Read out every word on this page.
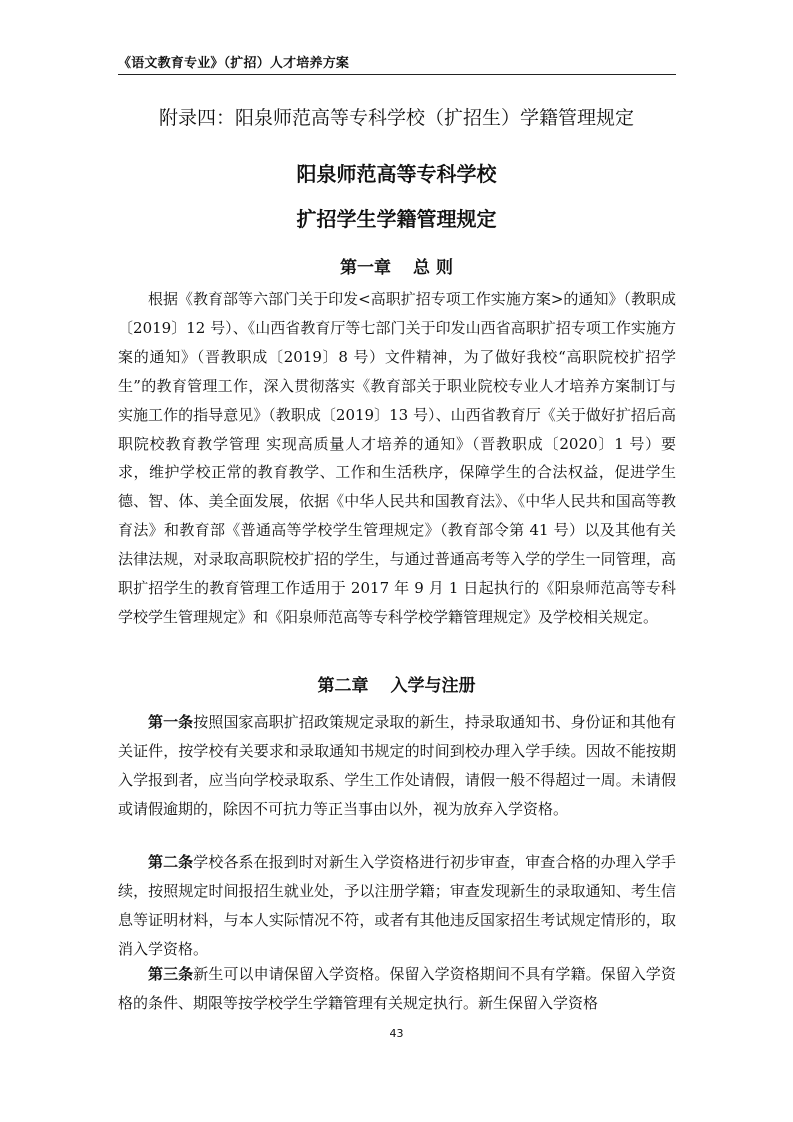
《语文教育专业》（扩招）人才培养方案
附录四：阳泉师范高等专科学校（扩招生）学籍管理规定
阳泉师范高等专科学校
扩招学生学籍管理规定
第一章 总 则
根据《教育部等六部门关于印发<高职扩招专项工作实施方案>的通知》（教职成〔2019〕12 号）、《山西省教育厅等七部门关于印发山西省高职扩招专项工作实施方案的通知》（晋教职成〔2019〕8 号）文件精神，为了做好我校“高职院校扩招学生”的教育管理工作，深入贯彻落实《教育部关于职业院校专业人才培养方案制订与实施工作的指导意见》（教职成〔2019〕13 号）、山西省教育厅《关于做好扩招后高职院校教育教学管理 实现高质量人才培养的通知》（晋教职成〔2020〕1 号）要求，维护学校正常的教育教学、工作和生活秩序，保障学生的合法权益，促进学生德、智、体、美全面发展，依据《中华人民共和国教育法》、《中华人民共和国高等教育法》和教育部《普通高等学校学生管理规定》（教育部令第 41 号）以及其他有关法律法规，对录取高职院校扩招的学生，与通过普通高考等入学的学生一同管理，高职扩招学生的教育管理工作适用于 2017 年 9 月 1 日起执行的《阳泉师范高等专科学校学生管理规定》和《阳泉师范高等专科学校学籍管理规定》及学校相关规定。
第二章 入学与注册
第一条按照国家高职扩招政策规定录取的新生，持录取通知书、身份证和其他有关证件，按学校有关要求和录取通知书规定的时间到校办理入学手续。因故不能按期入学报到者，应当向学校录取系、学生工作处请假，请假一般不得超过一周。未请假或请假逾期的，除因不可抗力等正当事由以外，视为放弃入学资格。
第二条学校各系在报到时对新生入学资格进行初步审查，审查合格的办理入学手续，按照规定时间报招生就业处，予以注册学籍；审查发现新生的录取通知、考生信息等证明材料，与本人实际情况不符，或者有其他违反国家招生考试规定情形的，取消入学资格。
第三条新生可以申请保留入学资格。保留入学资格期间不具有学籍。保留入学资格的条件、期限等按学校学生学籍管理有关规定执行。新生保留入学资格
43
